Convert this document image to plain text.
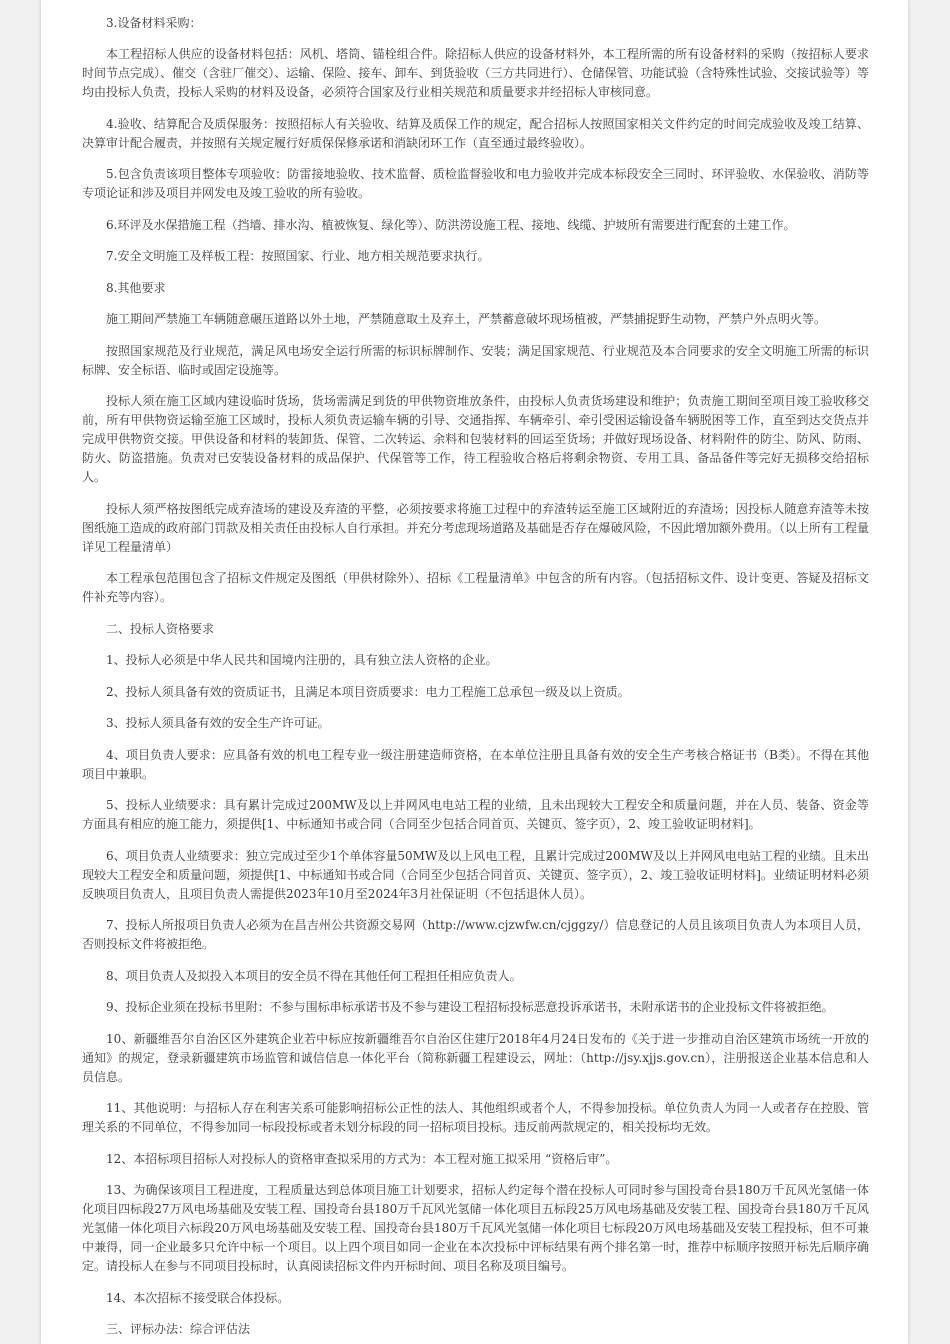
3.设备材料采购：

本工程招标人供应的设备材料包括：风机、塔筒、锚栓组合件。除招标人供应的设备材料外，本工程所需的所有设备材料的采购（按招标人要求时间节点完成）、催交（含驻厂催交）、运输、保险、接车、卸车、到货验收（三方共同进行）、仓储保管、功能试验（含特殊性试验、交接试验等）等均由投标人负责，投标人采购的材料及设备，必须符合国家及行业相关规范和质量要求并经招标人审核同意。

4.验收、结算配合及质保服务：按照招标人有关验收、结算及质保工作的规定，配合招标人按照国家相关文件约定的时间完成验收及竣工结算、决算审计配合履责，并按照有关规定履行好质保保修承诺和消缺闭环工作（直至通过最终验收）。

5.包含负责该项目整体专项验收：防雷接地验收、技术监督、质检监督验收和电力验收并完成本标段安全三同时、环评验收、水保验收、消防等专项论证和涉及项目并网发电及竣工验收的所有验收。

6.环评及水保措施工程（挡墙、排水沟、植被恢复、绿化等）、防洪涝设施工程、接地、线缆、护坡所有需要进行配套的土建工作。

7.安全文明施工及样板工程：按照国家、行业、地方相关规范要求执行。

8.其他要求

施工期间严禁施工车辆随意碾压道路以外土地，严禁随意取土及弃土，严禁蓄意破坏现场植被，严禁捕捉野生动物，严禁户外点明火等。

按照国家规范及行业规范，满足风电场安全运行所需的标识标牌制作、安装；满足国家规范、行业规范及本合同要求的安全文明施工所需的标识标牌、安全标语、临时或固定设施等。

投标人须在施工区域内建设临时货场，货场需满足到货的甲供物资堆放条件，由投标人负责货场建设和维护；负责施工期间至项目竣工验收移交前，所有甲供物资运输至施工区域时，投标人须负责运输车辆的引导、交通指挥、车辆牵引、牵引受困运输设备车辆脱困等工作，直至到达交货点并完成甲供物资交接。甲供设备和材料的装卸货、保管、二次转运、余料和包装材料的回运至货场；并做好现场设备、材料附件的防尘、防风、防雨、防火、防盗措施。负责对已安装设备材料的成品保护、代保管等工作，待工程验收合格后将剩余物资、专用工具、备品备件等完好无损移交给招标人。

投标人须严格按图纸完成弃渣场的建设及弃渣的平整，必须按要求将施工过程中的弃渣转运至施工区域附近的弃渣场；因投标人随意弃渣等未按图纸施工造成的政府部门罚款及相关责任由投标人自行承担。并充分考虑现场道路及基础是否存在爆破风险，不因此增加额外费用。（以上所有工程量详见工程量清单）

本工程承包范围包含了招标文件规定及图纸（甲供材除外）、招标《工程量清单》中包含的所有内容。（包括招标文件、设计变更、答疑及招标文件补充等内容）。

二、投标人资格要求

1、投标人必须是中华人民共和国境内注册的，具有独立法人资格的企业。

2、投标人须具备有效的资质证书，且满足本项目资质要求：电力工程施工总承包一级及以上资质。

3、投标人须具备有效的安全生产许可证。

4、项目负责人要求：应具备有效的机电工程专业一级注册建造师资格，在本单位注册且具备有效的安全生产考核合格证书（B类）。不得在其他项目中兼职。

5、投标人业绩要求：具有累计完成过200MW及以上并网风电电站工程的业绩，且未出现较大工程安全和质量问题，并在人员、装备、资金等方面具有相应的施工能力，须提供[1、中标通知书或合同（合同至少包括合同首页、关键页、签字页），2、竣工验收证明材料]。

6、项目负责人业绩要求：独立完成过至少1个单体容量50MW及以上风电工程，且累计完成过200MW及以上并网风电电站工程的业绩。且未出现较大工程安全和质量问题，须提供[1、中标通知书或合同（合同至少包括合同首页、关键页、签字页），2、竣工验收证明材料]。业绩证明材料必须反映项目负责人，且项目负责人需提供2023年10月至2024年3月社保证明（不包括退休人员）。

7、投标人所报项目负责人必须为在昌吉州公共资源交易网（http://www.cjzwfw.cn/cjggzy/）信息登记的人员且该项目负责人为本项目人员，否则投标文件将被拒绝。

8、项目负责人及拟投入本项目的安全员不得在其他任何工程担任相应负责人。

9、投标企业须在投标书里附：不参与围标串标承诺书及不参与建设工程招标投标恶意投诉承诺书，未附承诺书的企业投标文件将被拒绝。

10、新疆维吾尔自治区区外建筑企业若中标应按新疆维吾尔自治区住建厅2018年4月24日发布的《关于进一步推动自治区建筑市场统一开放的通知》的规定，登录新疆建筑市场监管和诚信信息一体化平台（简称新疆工程建设云，网址：（http://jsy.xjjs.gov.cn），注册报送企业基本信息和人员信息。

11、其他说明：与招标人存在利害关系可能影响招标公正性的法人、其他组织或者个人，不得参加投标。单位负责人为同一人或者存在控股、管理关系的不同单位，不得参加同一标段投标或者未划分标段的同一招标项目投标。违反前两款规定的，相关投标均无效。

12、本招标项目招标人对投标人的资格审查拟采用的方式为：本工程对施工拟采用 “资格后审”。

13、为确保该项目工程进度，工程质量达到总体项目施工计划要求，招标人约定每个潜在投标人可同时参与国投奇台县180万千瓦风光氢储一体化项目四标段27万风电场基础及安装工程、国投奇台县180万千瓦风光氢储一体化项目五标段25万风电场基础及安装工程、国投奇台县180万千瓦风光氢储一体化项目六标段20万风电场基础及安装工程、国投奇台县180万千瓦风光氢储一体化项目七标段20万风电场基础及安装工程投标，但不可兼中兼得，同一企业最多只允许中标一个项目。以上四个项目如同一企业在本次投标中评标结果有两个排名第一时，推荐中标顺序按照开标先后顺序确定。请投标人在参与不同项目投标时，认真阅读招标文件内开标时间、项目名称及项目编号。

14、本次招标不接受联合体投标。

三、评标办法：综合评估法
